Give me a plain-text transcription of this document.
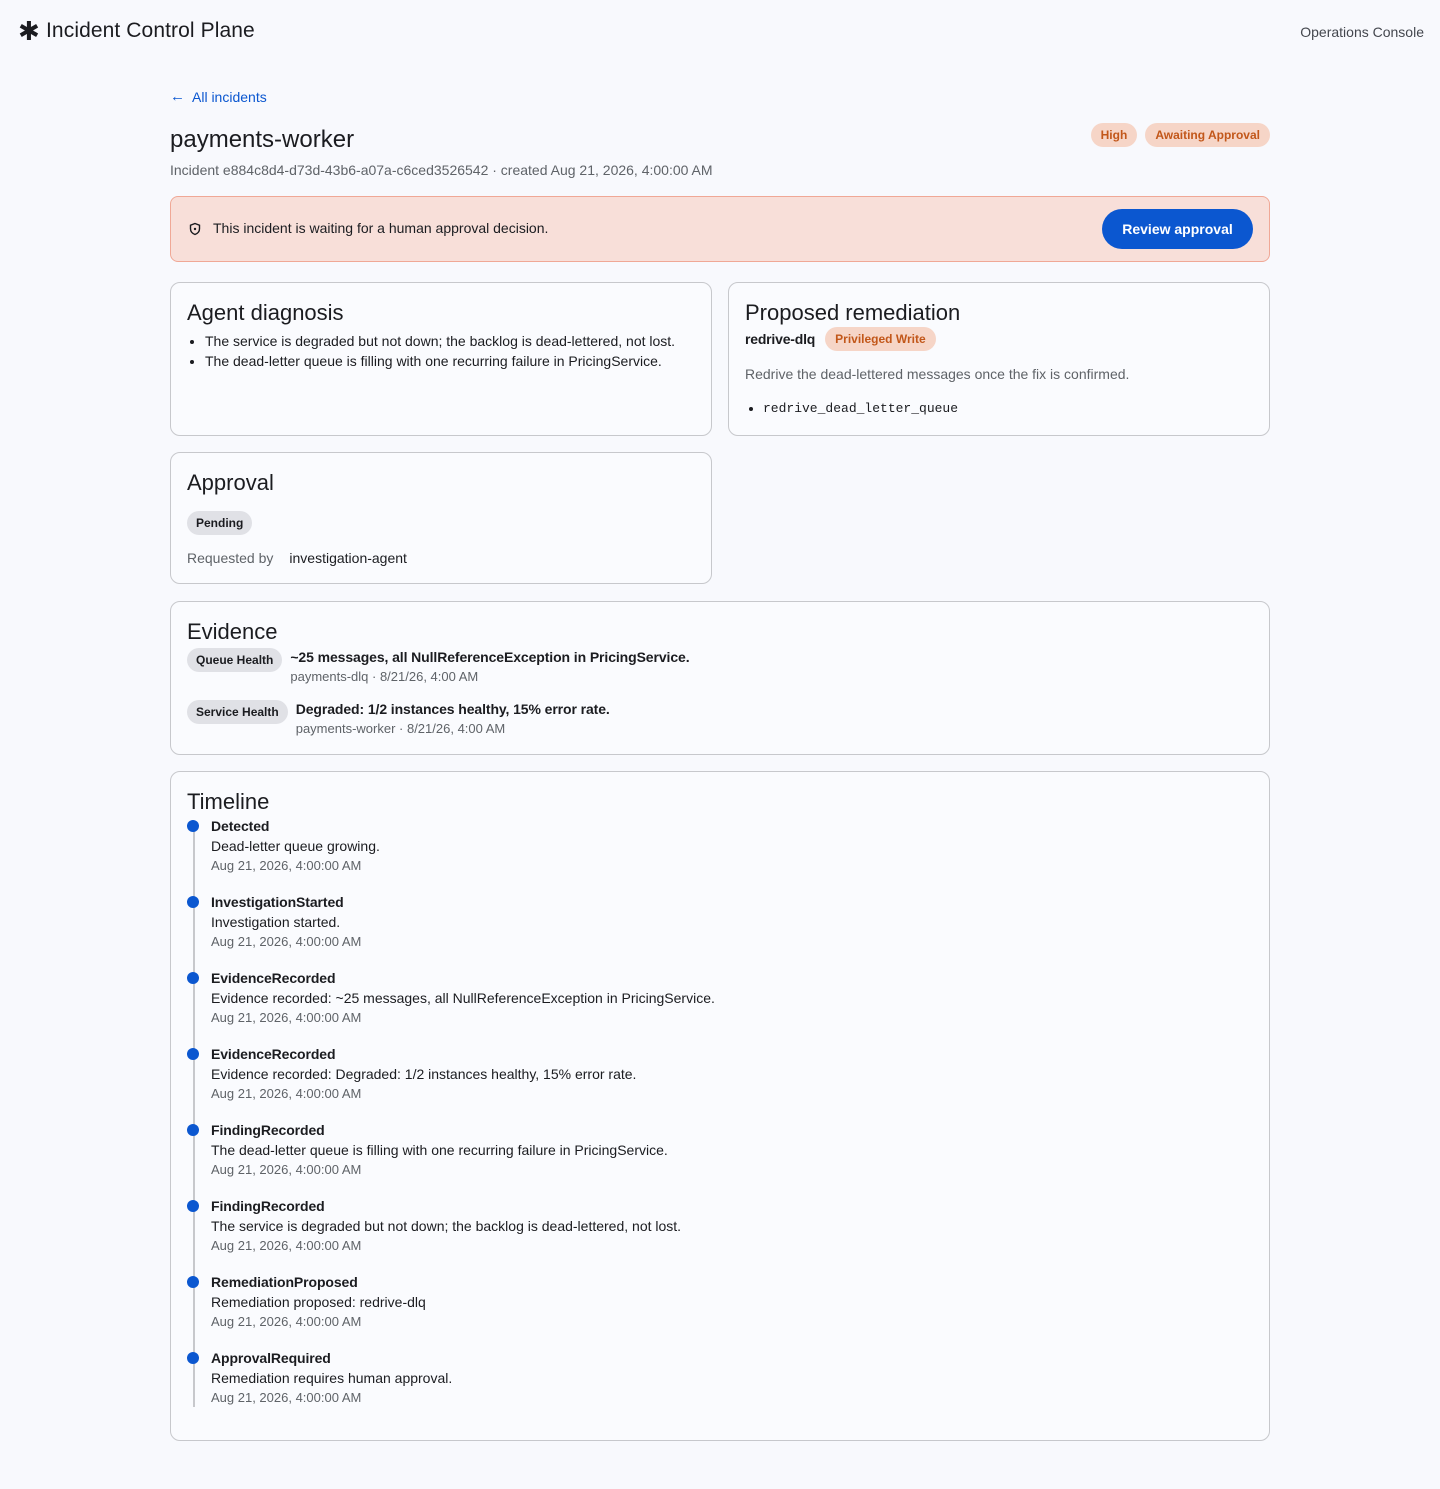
✱ Incident Control Plane	Operations Console
← All incidents
payments-worker
Incident e884c8d4-d73d-43b6-a07a-c6ced3526542 · created Aug 21, 2026, 4:00:00 AM
High	Awaiting Approval
This incident is waiting for a human approval decision.	Review approval
Agent diagnosis
• The service is degraded but not down; the backlog is dead-lettered, not lost.
• The dead-letter queue is filling with one recurring failure in PricingService.
Proposed remediation
redrive-dlq	Privileged Write
Redrive the dead-lettered messages once the fix is confirmed.
• redrive_dead_letter_queue
Approval
Pending
Requested by investigation-agent
Evidence
Queue Health	~25 messages, all NullReferenceException in PricingService.
payments-dlq · 8/21/26, 4:00 AM
Service Health	Degraded: 1/2 instances healthy, 15% error rate.
payments-worker · 8/21/26, 4:00 AM
Timeline
Detected
Dead-letter queue growing.
Aug 21, 2026, 4:00:00 AM
InvestigationStarted
Investigation started.
Aug 21, 2026, 4:00:00 AM
EvidenceRecorded
Evidence recorded: ~25 messages, all NullReferenceException in PricingService.
Aug 21, 2026, 4:00:00 AM
EvidenceRecorded
Evidence recorded: Degraded: 1/2 instances healthy, 15% error rate.
Aug 21, 2026, 4:00:00 AM
FindingRecorded
The dead-letter queue is filling with one recurring failure in PricingService.
Aug 21, 2026, 4:00:00 AM
FindingRecorded
The service is degraded but not down; the backlog is dead-lettered, not lost.
Aug 21, 2026, 4:00:00 AM
RemediationProposed
Remediation proposed: redrive-dlq
Aug 21, 2026, 4:00:00 AM
ApprovalRequired
Remediation requires human approval.
Aug 21, 2026, 4:00:00 AM
